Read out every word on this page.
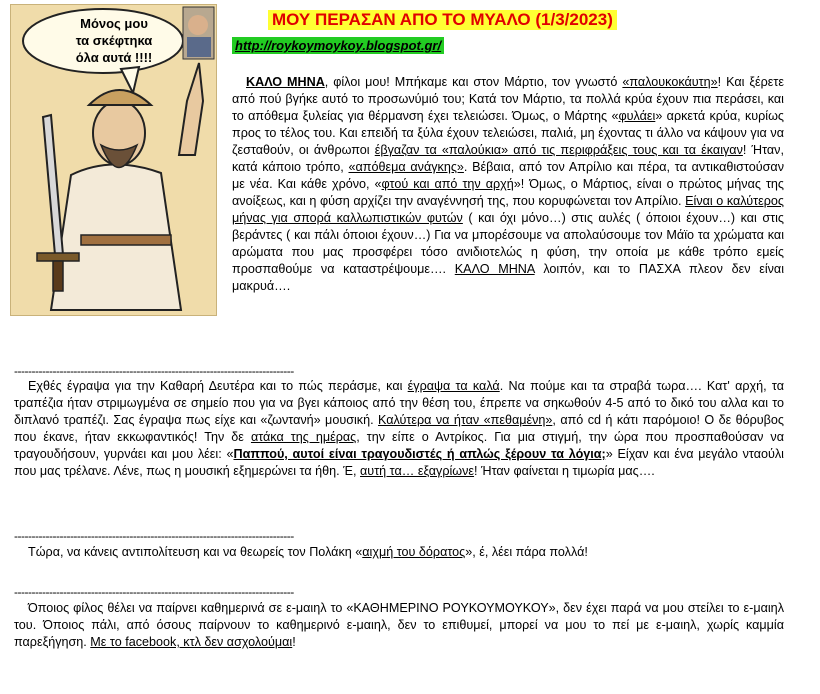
Μόνος μου
τα σκέφτηκα
όλα αυτά !!!!
ΜΟΥ ΠΕΡΑΣΑΝ ΑΠΟ ΤΟ ΜΥΑΛΟ (1/3/2023)
http://roykoymoykoy.blogspot.gr/
ΚΑΛΟ ΜΗΝΑ, φίλοι μου! Μπήκαμε και στον Μάρτιο, τον γνωστό «παλουκοκάυτη»! Και ξέρετε από πού βγήκε αυτό το προσωνύμιό του; Κατά τον Μάρτιο, τα πολλά κρύα έχουν πια περάσει, και το απόθεμα ξυλείας για θέρμανση έχει τελειώσει. Όμως, ο Μάρτης «φυλάει» αρκετά κρύα, κυρίως προς το τέλος του. Και επειδή τα ξύλα έχουν τελειώσει, παλιά, μη έχοντας τι άλλο να κάψουν για να ζεσταθούν, οι άνθρωποι έβγαζαν τα «παλούκια» από τις περιφράξεις τους και τα έκαιγαν! Ήταν, κατά κάποιο τρόπο, «απόθεμα ανάγκης». Βέβαια, από τον Απρίλιο και πέρα, τα αντικαθιστούσαν με νέα. Και κάθε χρόνο, «φτού και από την αρχή»! Όμως, ο Μάρτιος, είναι ο πρώτος μήνας της ανοίξεως, και η φύση αρχίζει την αναγέννησή της, που κορυφώνεται τον Απρίλιο. Είναι ο καλύτερος μήνας για σπορά καλλωπιστικών φυτών ( και όχι μόνο…) στις αυλές ( όποιοι έχουν…) και στις βεράντες ( και πάλι όποιοι έχουν…) Για να μπορέσουμε να απολαύσουμε τον Μάϊο τα χρώματα και αρώματα που μας προσφέρει τόσο ανιδιοτελώς η φύση, την οποία με κάθε τρόπο εμείς προσπαθούμε να καταστρέψουμε…. ΚΑΛΟ ΜΗΝΑ λοιπόν, και το ΠΑΣΧΑ πλεον δεν είναι μακρυά….
--------------------------------------------------------------------------------
Εχθές έγραψα για την Καθαρή Δευτέρα και το πώς περάσμε, και έγραψα τα καλά. Να πούμε και τα στραβά τωρα…. Κατ' αρχή, τα τραπέζια ήταν στριμωγμένα σε σημείο που για να βγει κάποιος από την θέση του, έπρεπε να σηκωθούν 4-5 από το δικό του αλλα και το διπλανό τραπέζι. Σας έγραψα πως είχε και «ζωντανή» μουσική. Καλύτερα να ήταν «πεθαμένη», από cd ή κάτι παρόμοιο! Ο δε θόρυβος που έκανε, ήταν εκκωφαντικός! Την δε ατάκα της ημέρας, την είπε ο Αντρίκος. Για μια στιγμή, την ώρα που προσπαθούσαν να τραγουδήσουν, γυρνάει και μου λέει: «Παππού, αυτοί είναι τραγουδιστές ή απλώς ξέρουν τα λόγια;» Είχαν και ένα μεγάλο νταούλι που μας τρέλανε. Λένε, πως η μουσική εξημερώνει τα ήθη. Έ, αυτή τα… εξαγρίωνε! Ήταν φαίνεται η τιμωρία μας….
--------------------------------------------------------------------------------
Τώρα, να κάνεις αντιπολίτευση και να θεωρείς τον Πολάκη «αιχμή του δόρατος», έ, λέει πάρα πολλά!
--------------------------------------------------------------------------------
Όποιος φίλος θέλει να παίρνει καθημερινά σε ε-μαιηλ το «ΚΑΘΗΜΕΡΙΝΟ ΡΟΥΚΟΥΜΟΥΚΟΥ», δεν έχει παρά να μου στείλει το ε-μαιηλ του. Όποιος πάλι, από όσους παίρνουν το καθημερινό ε-μαιηλ, δεν το επιθυμεί, μπορεί να μου το πεί με ε-μαιηλ, χωρίς καμμία παρεξήγηση. Με το facebook, κτλ δεν ασχολούμαι!
